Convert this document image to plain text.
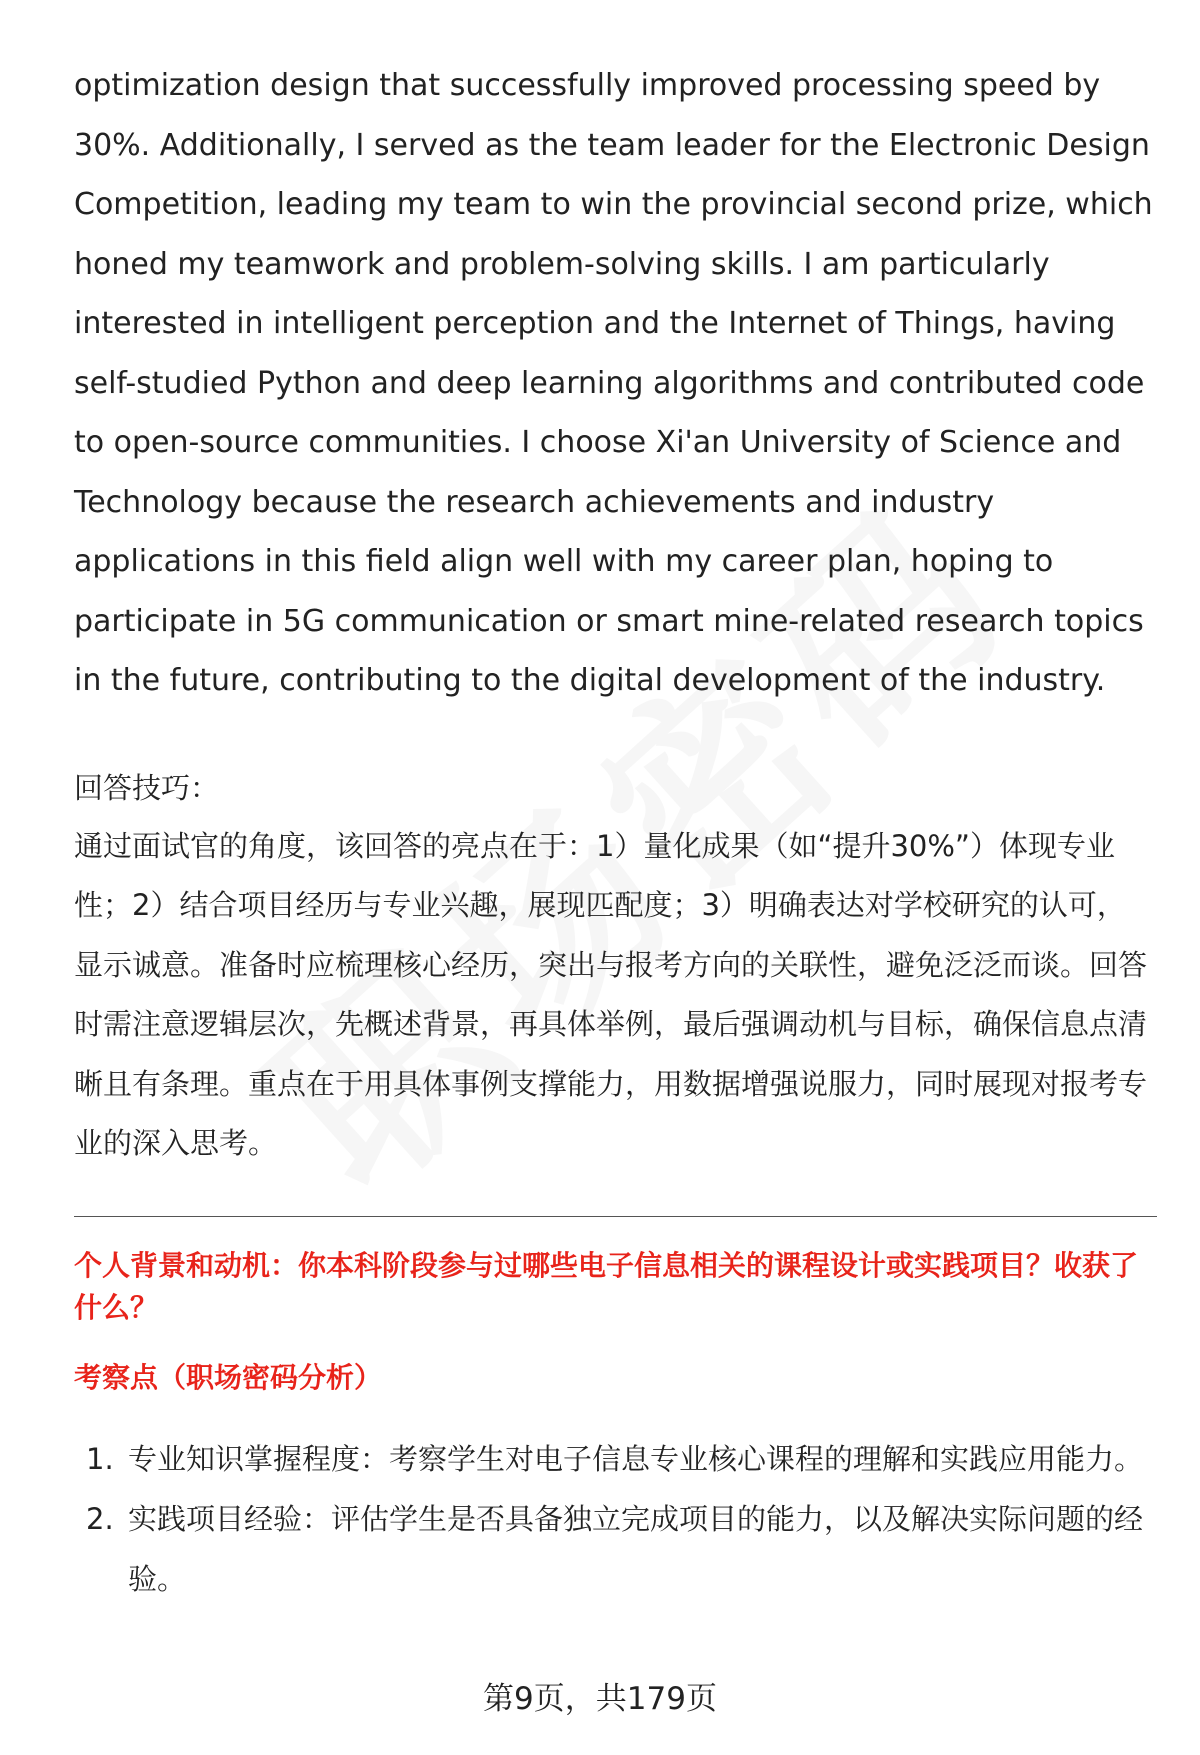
optimization design that successfully improved processing speed by 30%. Additionally, I served as the team leader for the Electronic Design Competition, leading my team to win the provincial second prize, which honed my teamwork and problem-solving skills. I am particularly interested in intelligent perception and the Internet of Things, having self-studied Python and deep learning algorithms and contributed code to open-source communities. I choose Xi'an University of Science and Technology because the research achievements and industry applications in this field align well with my career plan, hoping to participate in 5G communication or smart mine-related research topics in the future, contributing to the digital development of the industry.

回答技巧：

通过面试官的角度，该回答的亮点在于：1）量化成果（如“提升30%”）体现专业性；2）结合项目经历与专业兴趣，展现匹配度；3）明确表达对学校研究的认可，显示诚意。准备时应梳理核心经历，突出与报考方向的关联性，避免泛泛而谈。回答时需注意逻辑层次，先概述背景，再具体举例，最后强调动机与目标，确保信息点清晰且有条理。重点在于用具体事例支撑能力，用数据增强说服力，同时展现对报考专业的深入思考。

个人背景和动机：你本科阶段参与过哪些电子信息相关的课程设计或实践项目？收获了什么？

考察点（职场密码分析）

1. 专业知识掌握程度：考察学生对电子信息专业核心课程的理解和实践应用能力。
2. 实践项目经验：评估学生是否具备独立完成项目的能力，以及解决实际问题的经验。
第9页，共179页
